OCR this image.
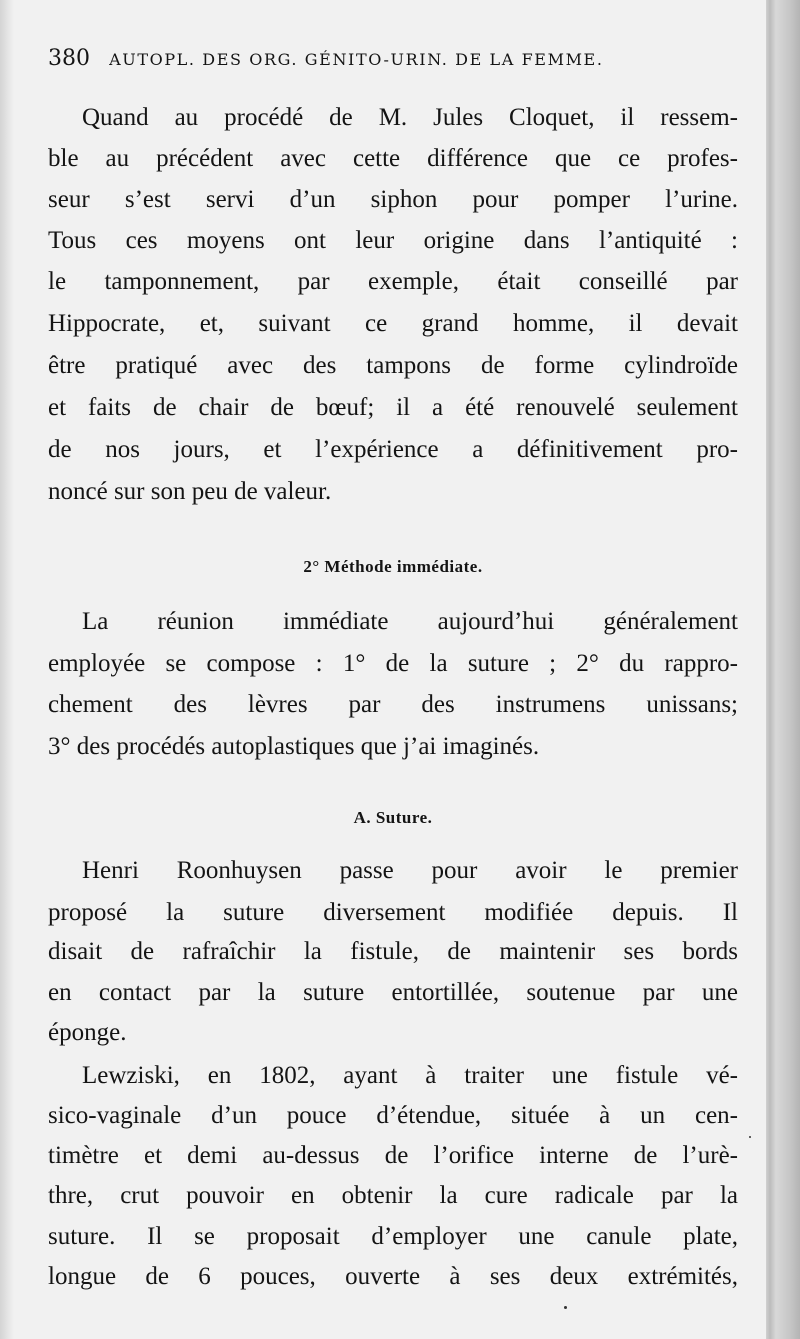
380 AUTOPL. DES ORG. GÉNITO-URIN. DE LA FEMME.
Quand au procédé de M. Jules Cloquet, il ressem-
ble au précédent avec cette différence que ce profes-
seur s’est servi d’un siphon pour pomper l’urine.
Tous ces moyens ont leur origine dans l’antiquité :
le tamponnement, par exemple, était conseillé par
Hippocrate, et, suivant ce grand homme, il devait
être pratiqué avec des tampons de forme cylindroïde
et faits de chair de bœuf; il a été renouvelé seulement
de nos jours, et l’expérience a définitivement pro-
noncé sur son peu de valeur.
2° Méthode immédiate.
La réunion immédiate aujourd’hui généralement
employée se compose : 1° de la suture ; 2° du rappro-
chement des lèvres par des instrumens unissans;
3° des procédés autoplastiques que j’ai imaginés.
A. Suture.
Henri Roonhuysen passe pour avoir le premier
proposé la suture diversement modifiée depuis. Il
disait de rafraîchir la fistule, de maintenir ses bords
en contact par la suture entortillée, soutenue par une
éponge.
Lewziski, en 1802, ayant à traiter une fistule vé-
sico-vaginale d’un pouce d’étendue, située à un cen-
timètre et demi au-dessus de l’orifice interne de l’urè-
thre, crut pouvoir en obtenir la cure radicale par la
suture. Il se proposait d’employer une canule plate,
longue de 6 pouces, ouverte à ses deux extrémités,
